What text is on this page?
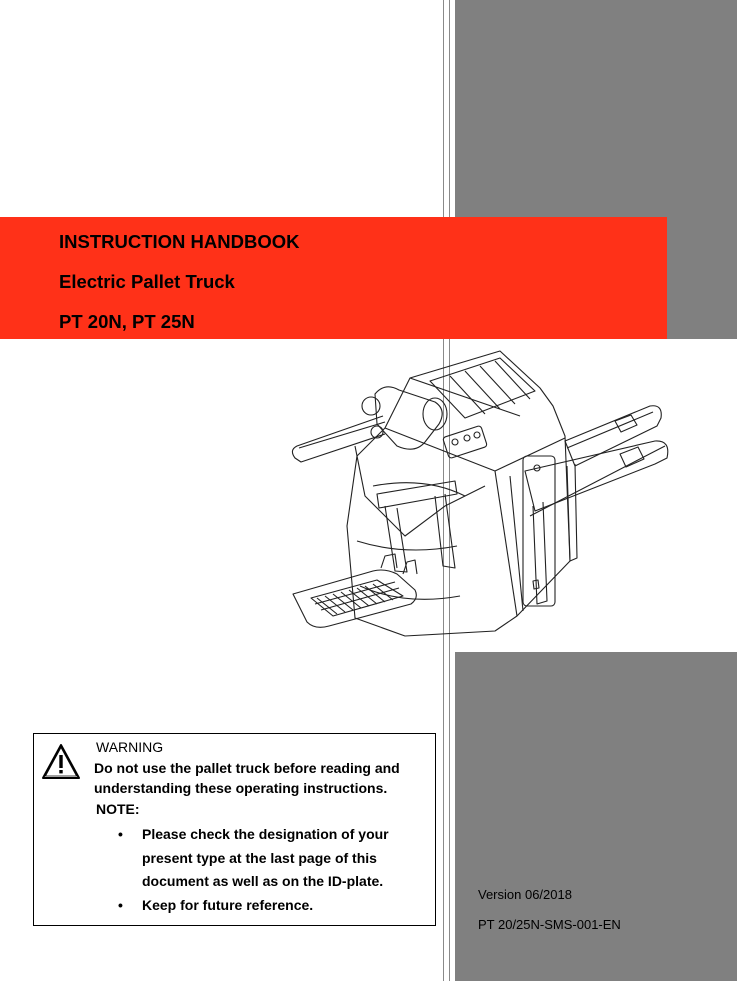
INSTRUCTION HANDBOOK
Electric Pallet Truck
PT 20N, PT 25N
WARNING
Do not use the pallet truck before reading and understanding these operating instructions.
NOTE:
• Please check the designation of your present type at the last page of this document as well as on the ID-plate.
• Keep for future reference.
Version 06/2018
PT 20/25N-SMS-001-EN
